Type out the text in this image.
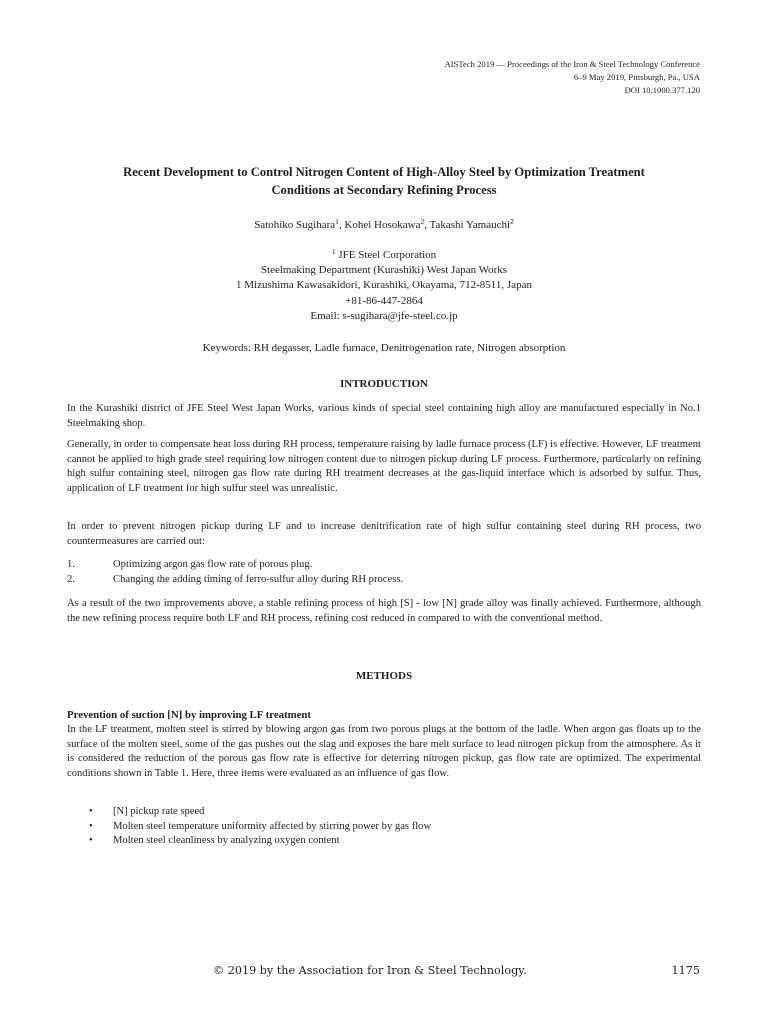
AISTech 2019 — Proceedings of the Iron & Steel Technology Conference
6–9 May 2019, Pittsburgh, Pa., USA
DOI 10.1000.377.120
Recent Development to Control Nitrogen Content of High-Alloy Steel by Optimization Treatment
Conditions at Secondary Refining Process
Satohiko Sugihara$^1$, Kohei Hosokawa$^2$, Takashi Yamauchi$^2$
$^1$ JFE Steel Corporation
Steelmaking Department (Kurashiki) West Japan Works
1 Mizushima Kawasakidori, Kurashiki, Okayama, 712-8511, Japan
+81-86-447-2864
Email: s-sugihara@jfe-steel.co.jp
Keywords: RH degasser, Ladle furnace, Denitrogenation rate, Nitrogen absorption
INTRODUCTION

In the Kurashiki district of JFE Steel West Japan Works, various kinds of special steel containing high alloy are manufactured especially in No.1 Steelmaking shop.

Generally, in order to compensate heat loss during RH process, temperature raising by ladle furnace process (LF) is effective. However, LF treatment cannot be applied to high grade steel requiring low nitrogen content due to nitrogen pickup during LF process. Furthermore, particularly on refining high sulfur containing steel, nitrogen gas flow rate during RH treatment decreases at the gas-liquid interface which is adsorbed by sulfur. Thus, application of LF treatment for high sulfur steel was unrealistic.

In order to prevent nitrogen pickup during LF and to increase denitrification rate of high sulfur containing steel during RH process, two countermeasures are carried out:

1.	Optimizing argon gas flow rate of porous plug.
2.	Changing the adding timing of ferro-sulfur alloy during RH process.

As a result of the two improvements above, a stable refining process of high [S] - low [N] grade alloy was finally achieved. Furthermore, although the new refining process require both LF and RH process, refining cost reduced in compared to with the conventional method.

METHODS
Prevention of suction [N] by improving LF treatment

In the LF treatment, molten steel is stirred by blowing argon gas from two porous plugs at the bottom of the ladle. When argon gas floats up to the surface of the molten steel, some of the gas pushes out the slag and exposes the bare melt surface to lead nitrogen pickup from the atmosphere. As it is considered the reduction of the porous gas flow rate is effective for deterring nitrogen pickup, gas flow rate are optimized. The experimental conditions shown in Table 1. Here, three items were evaluated as an influence of gas flow.

• [N] pickup rate speed
• Molten steel temperature uniformity affected by stirring power by gas flow
• Molten steel cleanliness by analyzing oxygen content
© 2019 by the Association for Iron & Steel Technology.	1175
